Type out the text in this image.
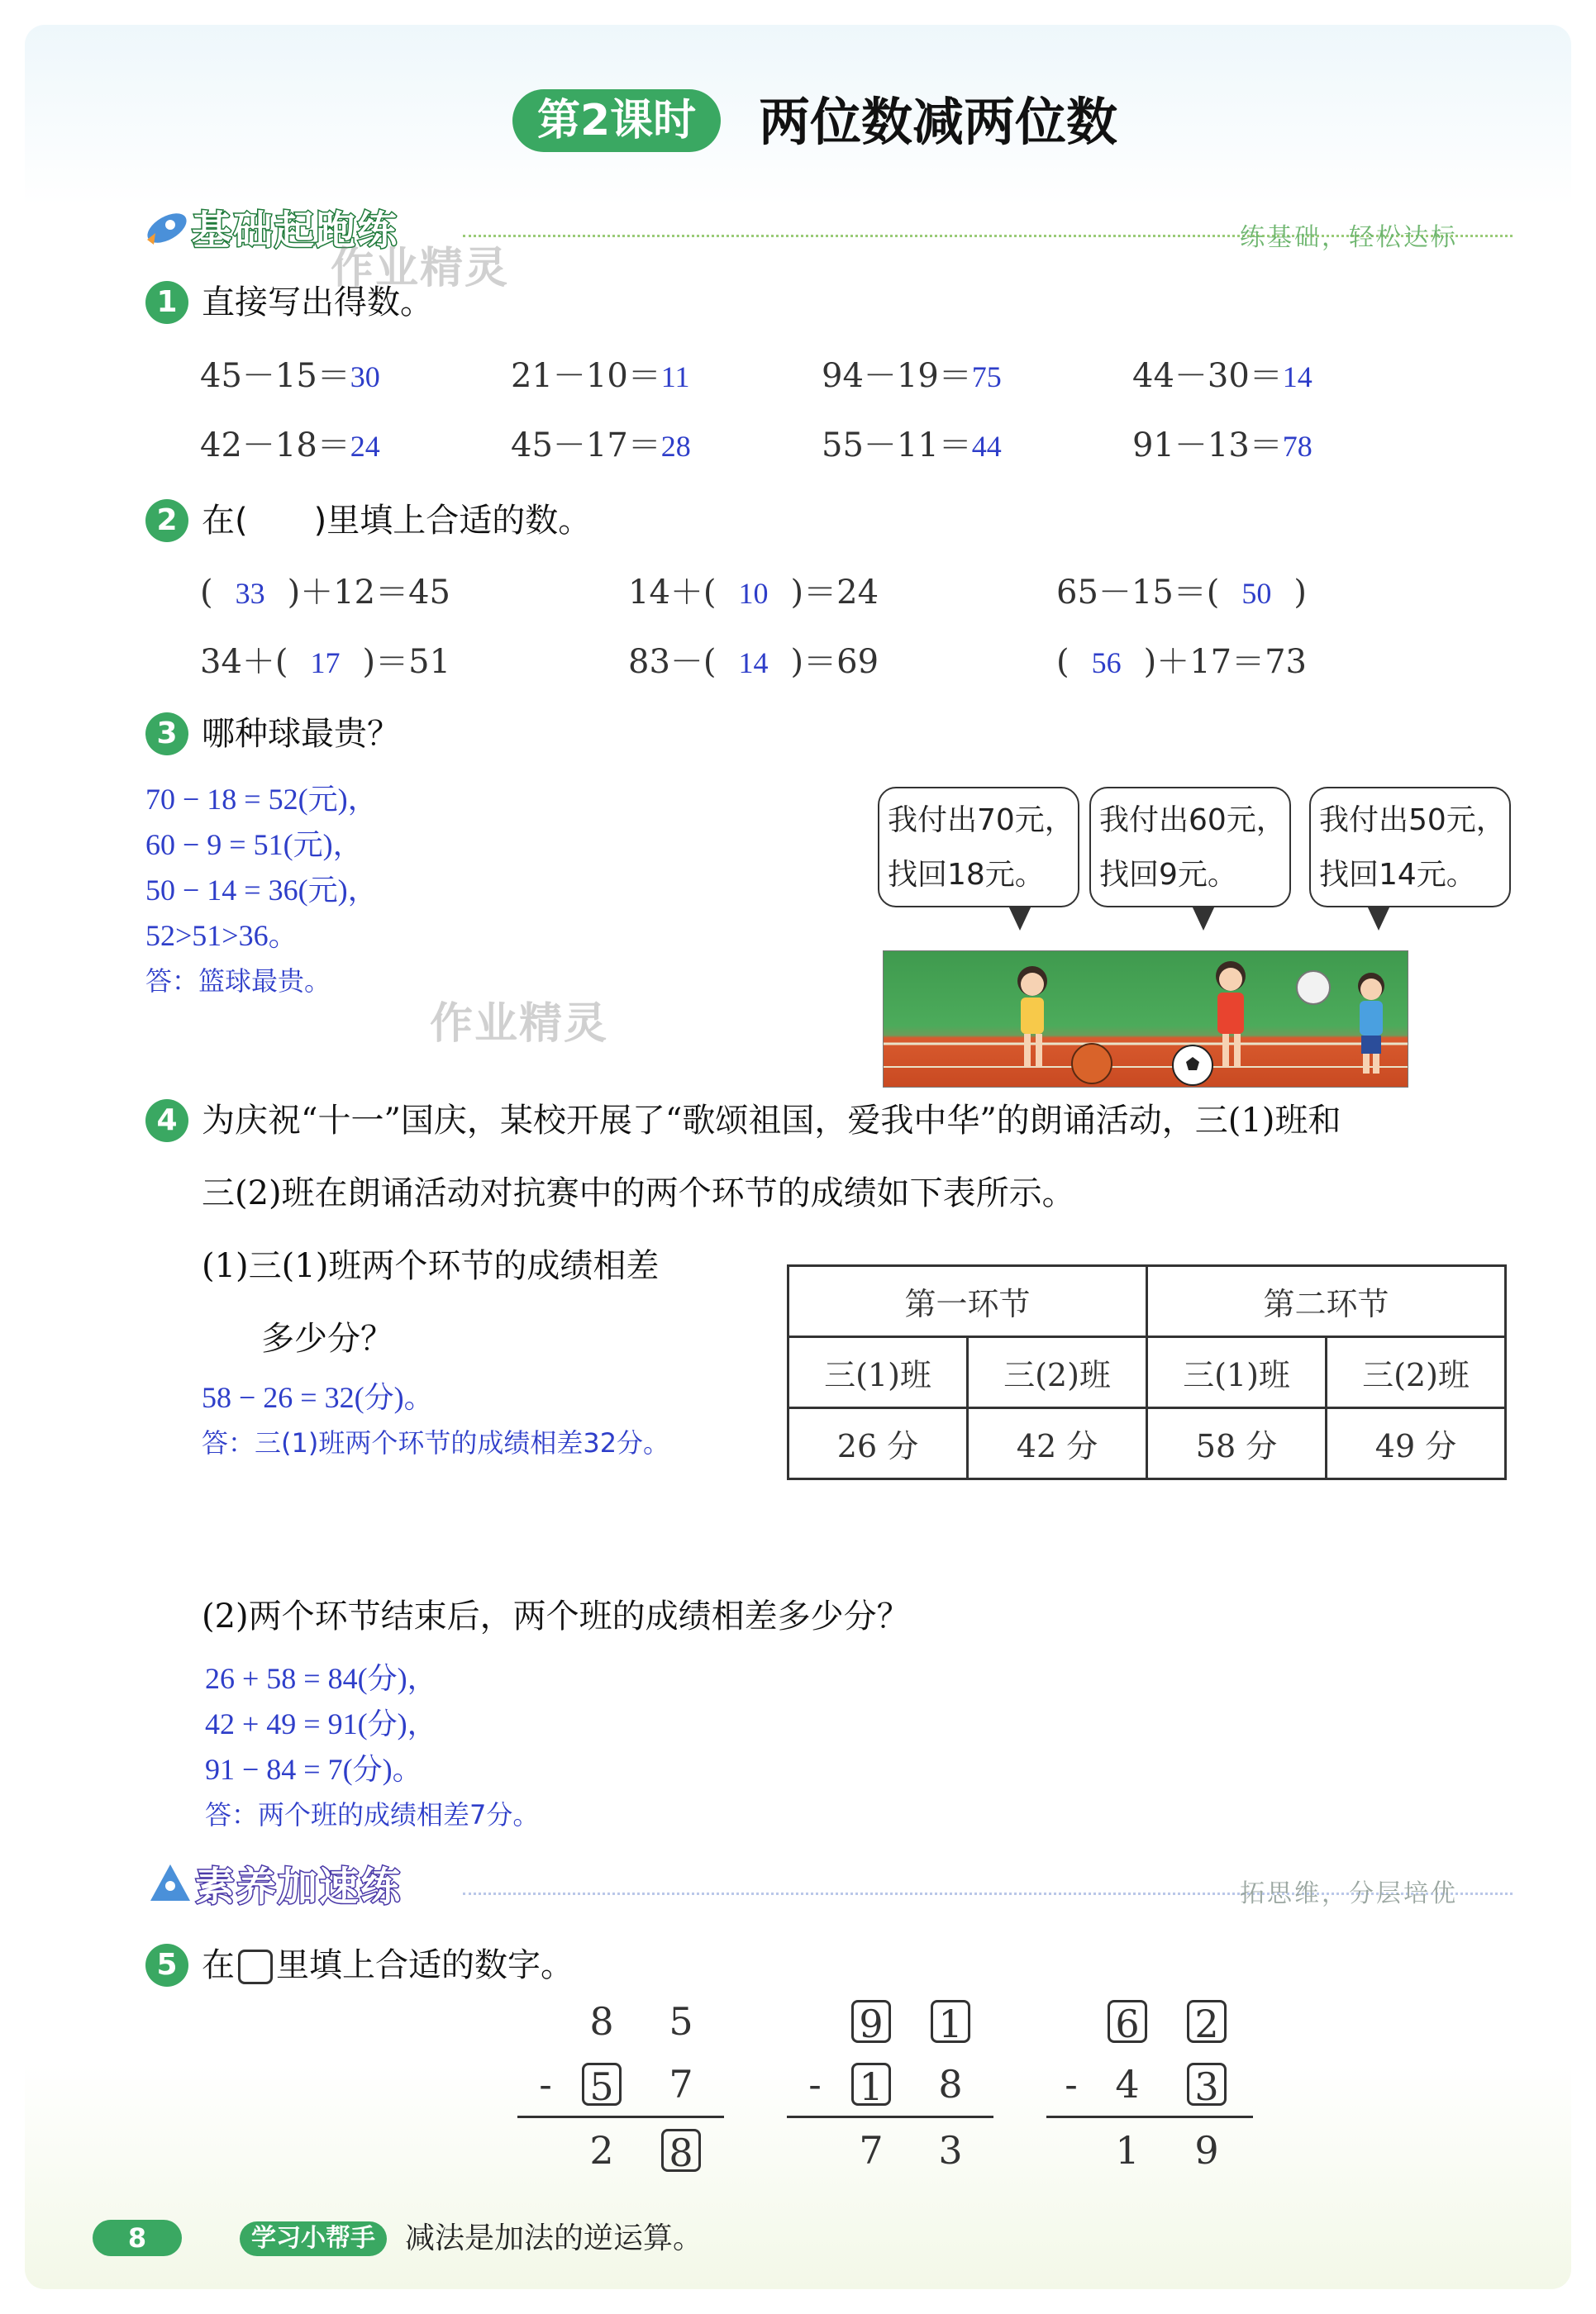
第2课时	两位数减两位数
基础起跑练	练基础，轻松达标
作业精灵
1 直接写出得数。
45－15＝30	21－10＝11	94－19＝75	44－30＝14
42－18＝24	45－17＝28	55－11＝44	91－13＝78
2 在( )里填上合适的数。
( 33 )＋12＝45	14＋( 10 )＝24	65－15＝( 50 )
34＋( 17 )＝51	83－( 14 )＝69	( 56 )＋17＝73
3 哪种球最贵？
70 − 18 = 52(元)，
60 − 9 = 51(元)，
50 − 14 = 36(元)，
52>51>36。
答：篮球最贵。
作业精灵
我付出70元，
找回18元。
我付出60元，
找回9元。
我付出50元，
找回14元。
4 为庆祝“十一”国庆，某校开展了“歌颂祖国，爱我中华”的朗诵活动，三(1)班和
三(2)班在朗诵活动对抗赛中的两个环节的成绩如下表所示。
(1)三(1)班两个环节的成绩相差
多少分？
58 − 26 = 32(分)。
答：三(1)班两个环节的成绩相差32分。
第一环节		第二环节	
三(1)班	三(2)班	三(1)班	三(2)班
26 分	42 分	58 分	49 分
(2)两个环节结束后，两个班的成绩相差多少分？
26 + 58 = 84(分)，
42 + 49 = 91(分)，
91 − 84 = 7(分)。
答：两个班的成绩相差7分。
素养加速练	拓思维，分层培优
5 在 里填上合适的数字。
8 5
- 5 7
2 8
9 1
- 1 8
7 3
6 2
- 4 3
1 9
8	学习小帮手	减法是加法的逆运算。
